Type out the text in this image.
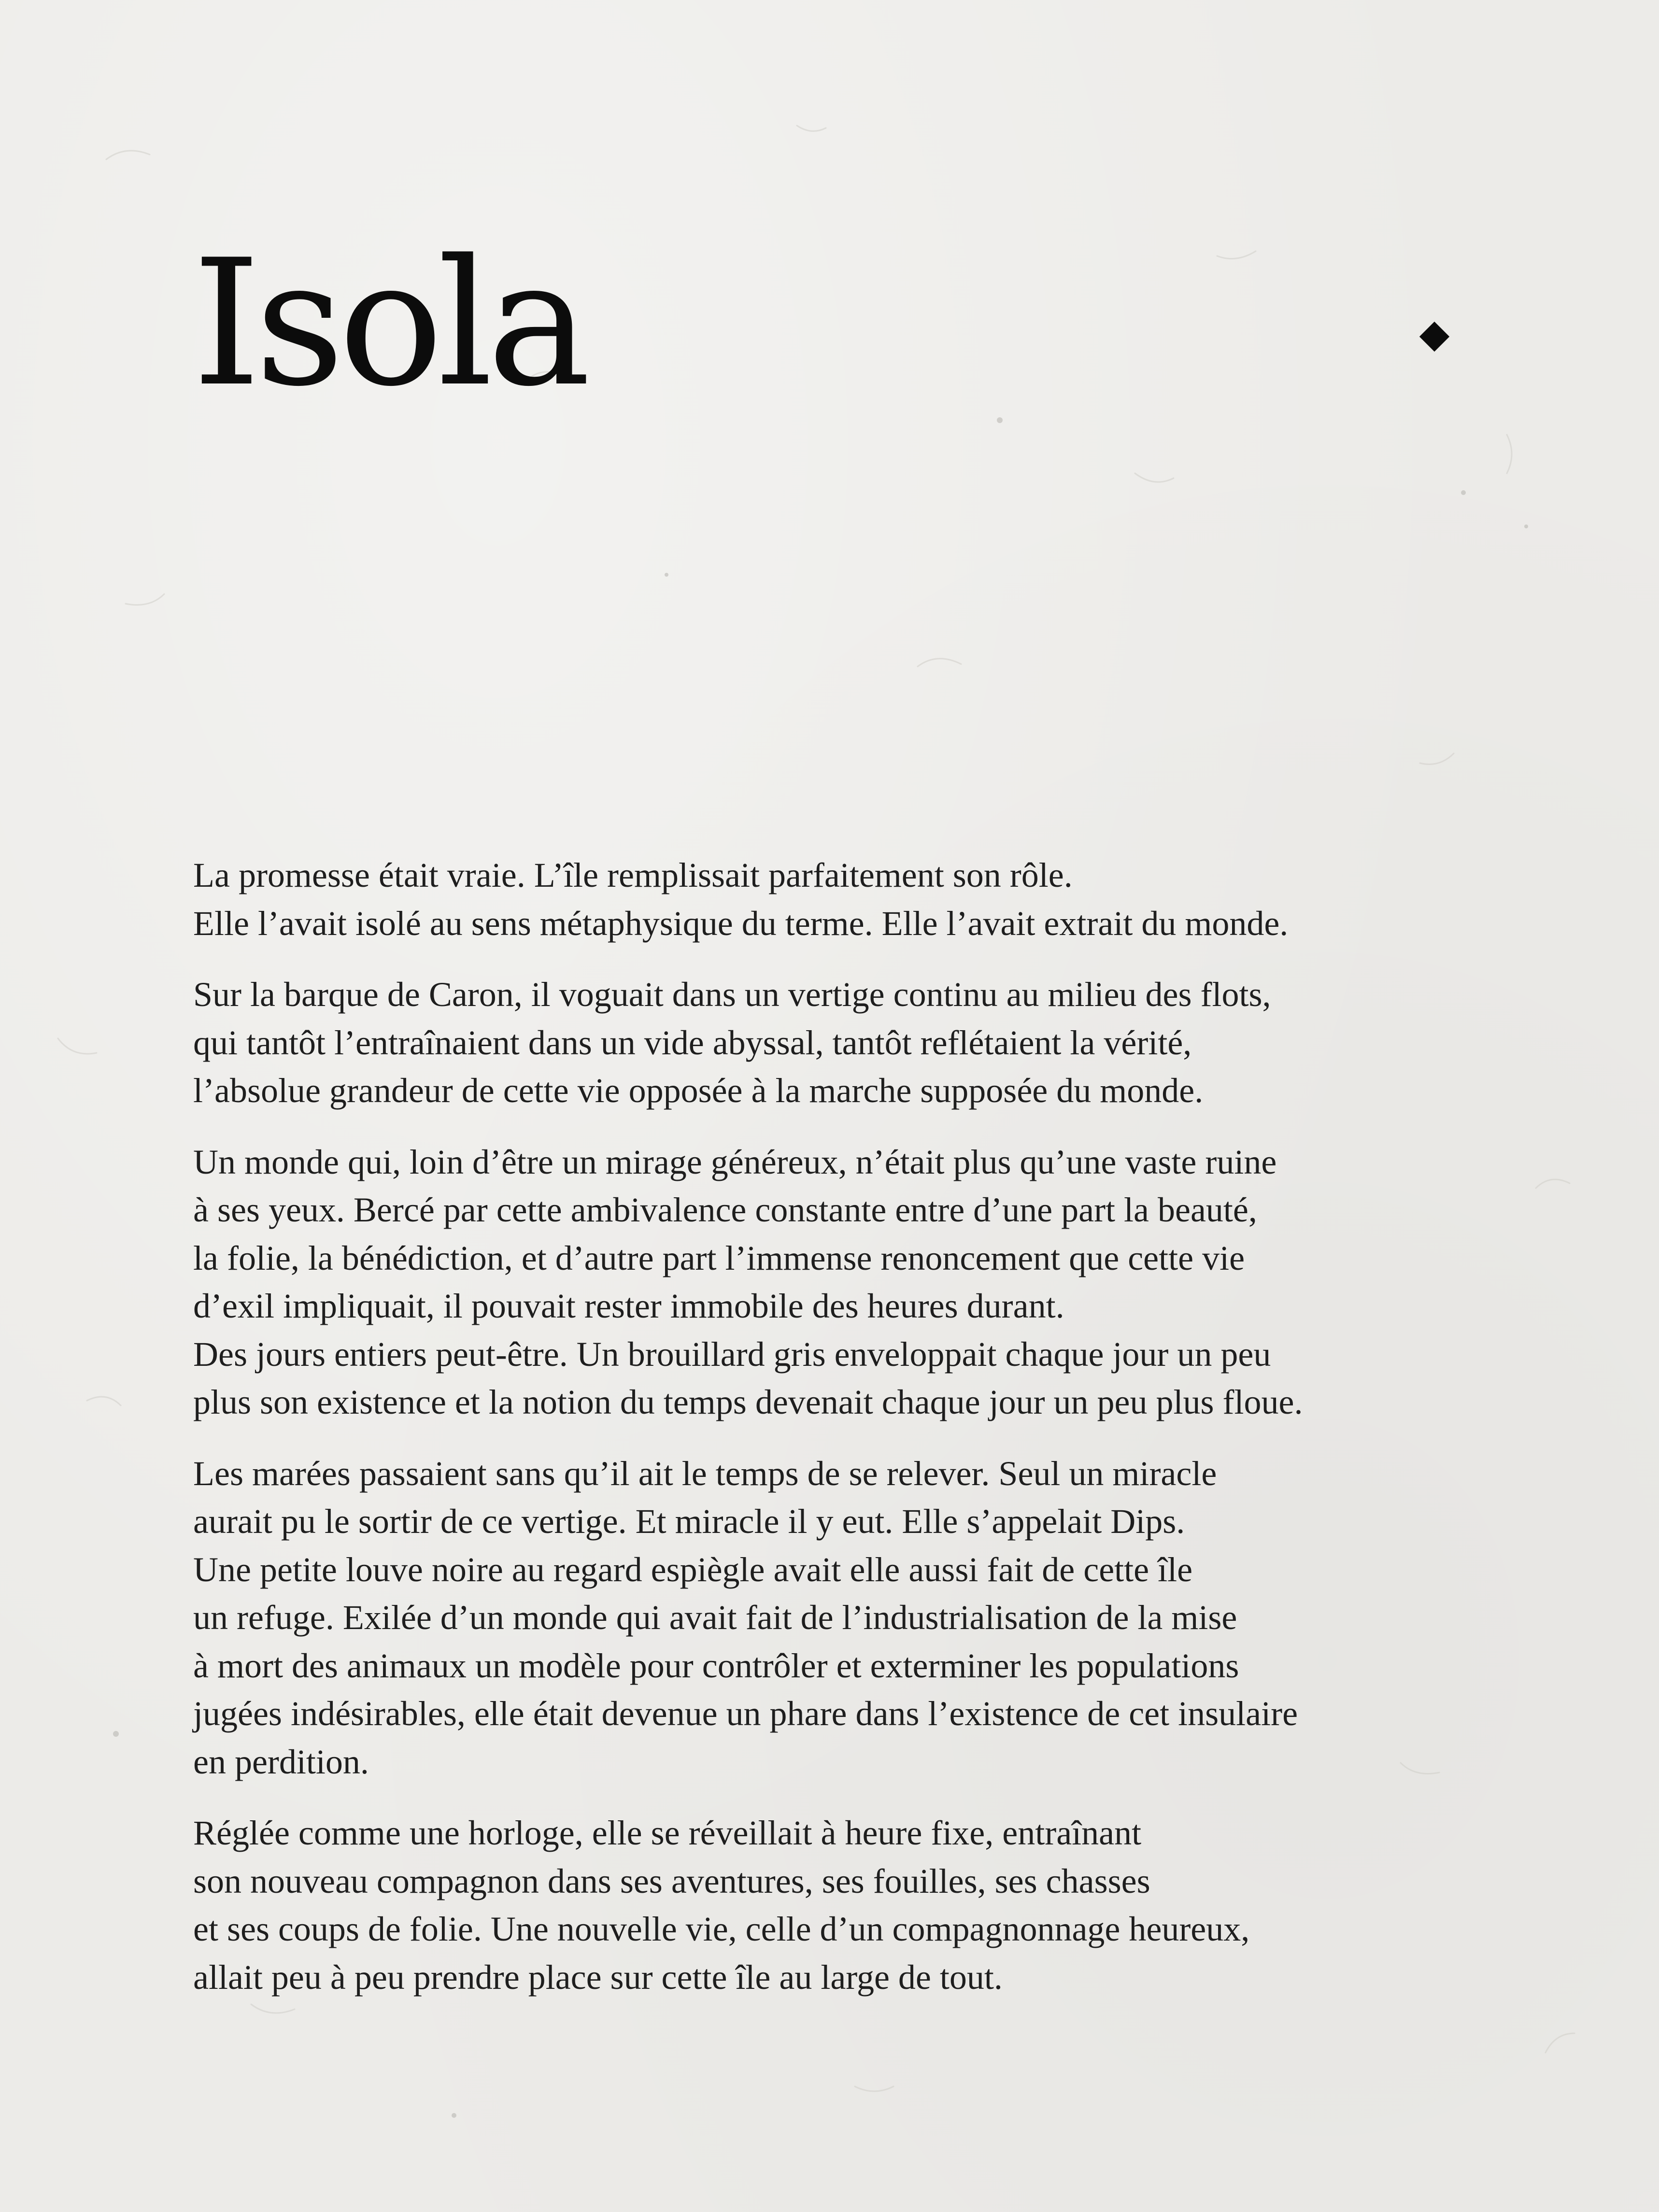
Isola

La promesse était vraie. L’île remplissait parfaitement son rôle.
Elle l’avait isolé au sens métaphysique du terme. Elle l’avait extrait du monde.

Sur la barque de Caron, il voguait dans un vertige continu au milieu des flots,
qui tantôt l’entraînaient dans un vide abyssal, tantôt reflétaient la vérité,
l’absolue grandeur de cette vie opposée à la marche supposée du monde.

Un monde qui, loin d’être un mirage généreux, n’était plus qu’une vaste ruine
à ses yeux. Bercé par cette ambivalence constante entre d’une part la beauté,
la folie, la bénédiction, et d’autre part l’immense renoncement que cette vie
d’exil impliquait, il pouvait rester immobile des heures durant.
Des jours entiers peut-être. Un brouillard gris enveloppait chaque jour un peu
plus son existence et la notion du temps devenait chaque jour un peu plus floue.

Les marées passaient sans qu’il ait le temps de se relever. Seul un miracle
aurait pu le sortir de ce vertige. Et miracle il y eut. Elle s’appelait Dips.
Une petite louve noire au regard espiègle avait elle aussi fait de cette île
un refuge. Exilée d’un monde qui avait fait de l’industrialisation de la mise
à mort des animaux un modèle pour contrôler et exterminer les populations
jugées indésirables, elle était devenue un phare dans l’existence de cet insulaire
en perdition.

Réglée comme une horloge, elle se réveillait à heure fixe, entraînant
son nouveau compagnon dans ses aventures, ses fouilles, ses chasses
et ses coups de folie. Une nouvelle vie, celle d’un compagnonnage heureux,
allait peu à peu prendre place sur cette île au large de tout.
